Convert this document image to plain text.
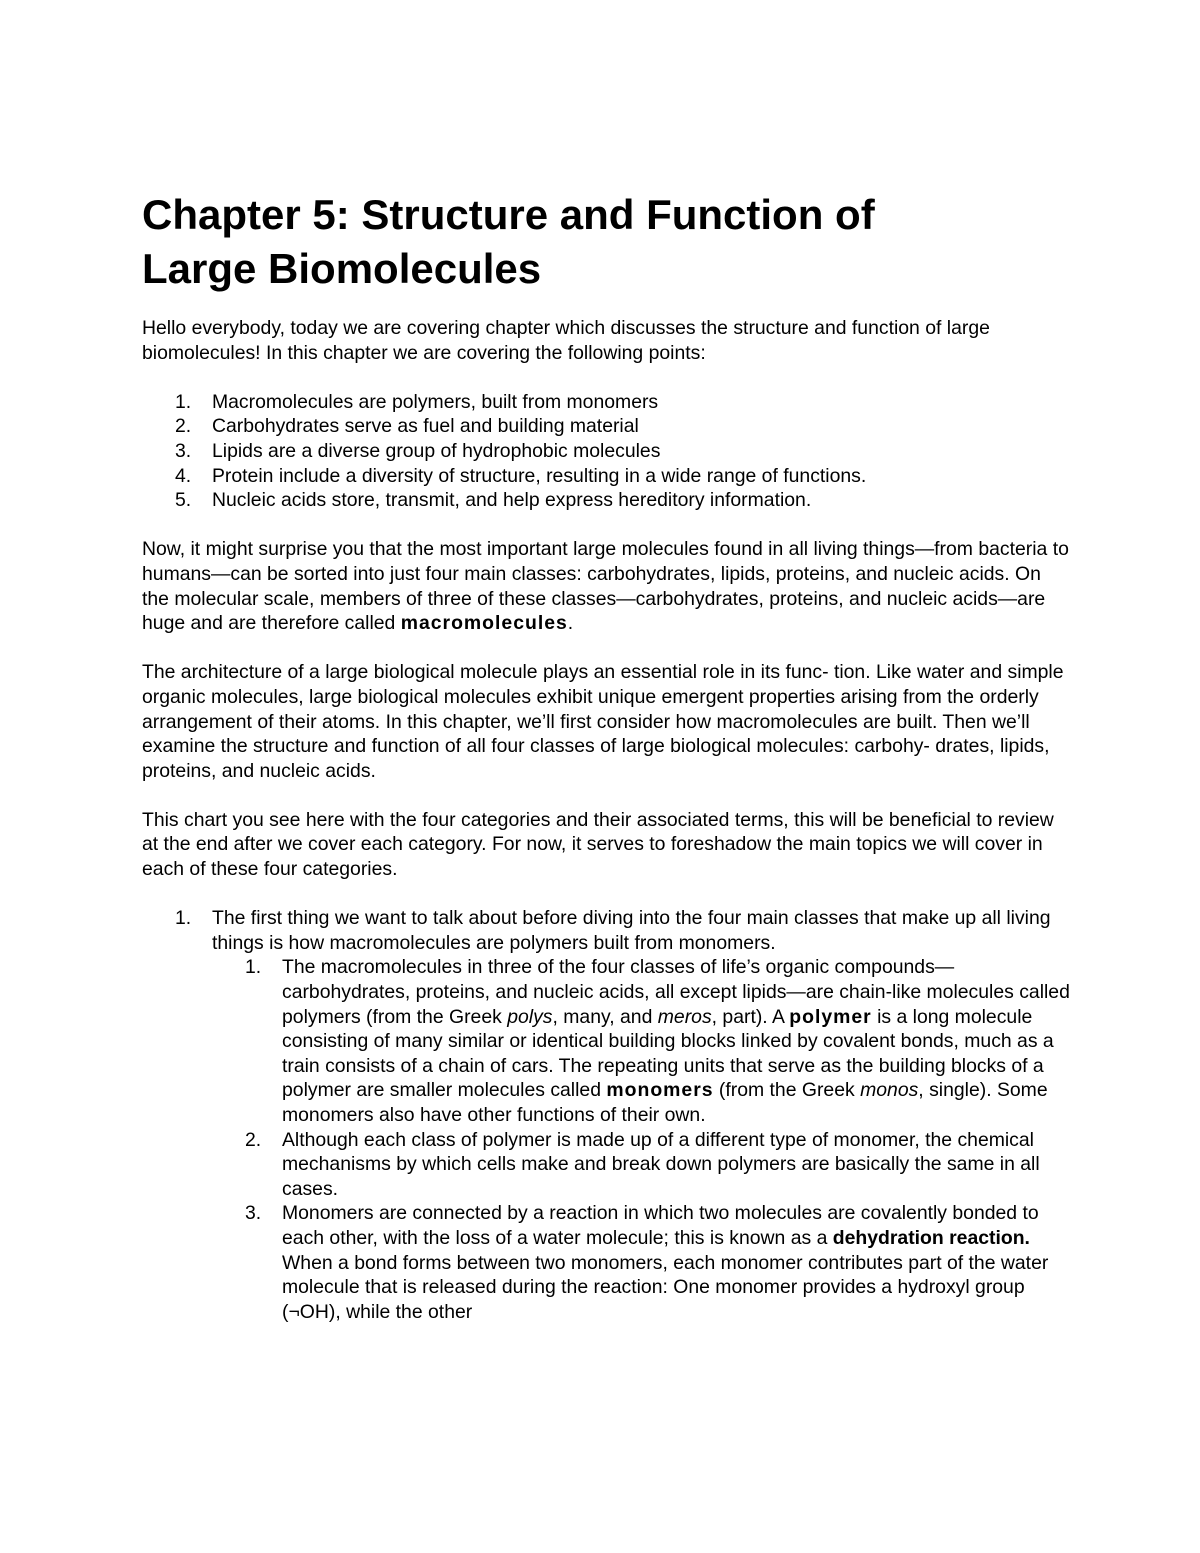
Chapter 5: Structure and Function of
Large Biomolecules

Hello everybody, today we are covering chapter which discusses the structure and function of large biomolecules! In this chapter we are covering the following points:

1. Macromolecules are polymers, built from monomers
2. Carbohydrates serve as fuel and building material
3. Lipids are a diverse group of hydrophobic molecules
4. Protein include a diversity of structure, resulting in a wide range of functions.
5. Nucleic acids store, transmit, and help express hereditory information.

Now, it might surprise you that the most important large molecules found in all living things—from bacteria to humans—can be sorted into just four main classes: carbohydrates, lipids, proteins, and nucleic acids. On the molecular scale, members of three of these classes—carbohydrates, proteins, and nucleic acids—are huge and are therefore called macromolecules.

The architecture of a large biological molecule plays an essential role in its func- tion. Like water and simple organic molecules, large biological molecules exhibit unique emergent properties arising from the orderly arrangement of their atoms. In this chapter, we’ll first consider how macromolecules are built. Then we’ll examine the structure and function of all four classes of large biological molecules: carbohy- drates, lipids, proteins, and nucleic acids.

This chart you see here with the four categories and their associated terms, this will be beneficial to review at the end after we cover each category. For now, it serves to foreshadow the main topics we will cover in each of these four categories.

1. The first thing we want to talk about before diving into the four main classes that make up all living things is how macromolecules are polymers built from monomers.
1. The macromolecules in three of the four classes of life’s organic compounds—carbohydrates, proteins, and nucleic acids, all except lipids—are chain-like molecules called polymers (from the Greek polys, many, and meros, part). A polymer is a long molecule consisting of many similar or identical building blocks linked by covalent bonds, much as a train consists of a chain of cars. The repeating units that serve as the building blocks of a polymer are smaller molecules called monomers (from the Greek monos, single). Some monomers also have other functions of their own.
2. Although each class of polymer is made up of a different type of monomer, the chemical mechanisms by which cells make and break down polymers are basically the same in all cases.
3. Monomers are connected by a reaction in which two molecules are covalently bonded to each other, with the loss of a water molecule; this is known as a dehydration reaction. When a bond forms between two monomers, each monomer contributes part of the water molecule that is released during the reaction: One monomer provides a hydroxyl group (¬OH), while the other
